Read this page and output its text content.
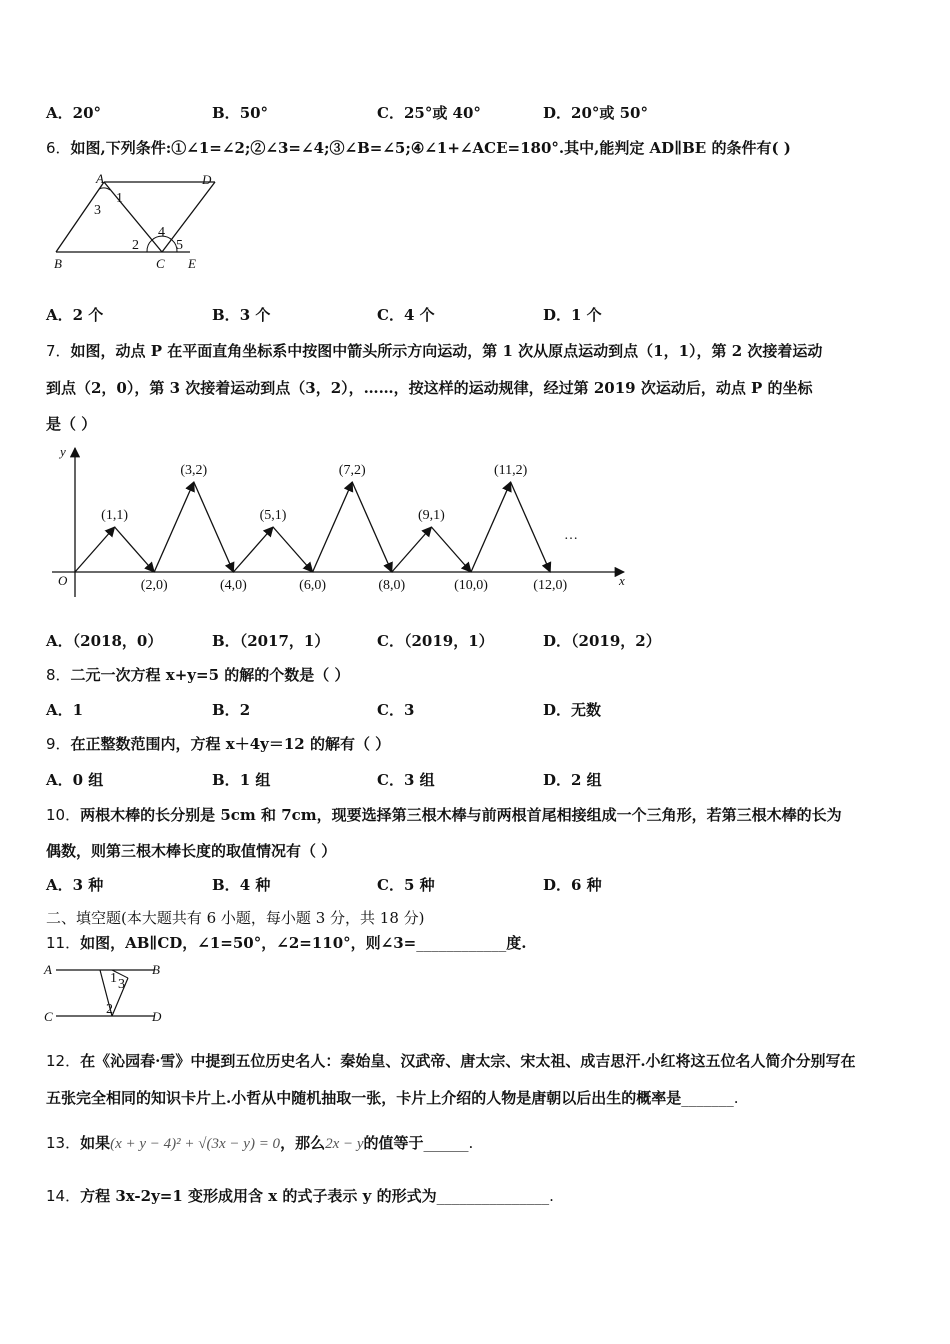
A．20°	B．50°	C．25°或 40°	D．20°或 50°
6．如图,下列条件:①∠1=∠2;②∠3=∠4;③∠B=∠5;④∠1+∠ACE=180°.其中,能判定 AD∥BE 的条件有( )
A	D
B	C E
1
3
2
4
5
A．2 个	B．3 个	C．4 个	D．1 个
7．如图，动点 P 在平面直角坐标系中按图中箭头所示方向运动，第 1 次从原点运动到点（1，1），第 2 次接着运动
到点（2，0），第 3 次接着运动到点（3，2），……，按这样的运动规律，经过第 2019 次运动后，动点 P 的坐标
是（ ）
x
y
O
…
(1,1)
(2,0)
(3,2)
(4,0)
(5,1)
(6,0)
(7,2)
(8,0)
(9,1)
(10,0)
(11,2)
(12,0)
A．（2018，0）	B．（2017，1）	C．（2019，1）	D．（2019，2）
8．二元一次方程 x+y=5 的解的个数是（ ）
A．1	B．2	C．3	D．无数
9．在正整数范围内，方程 x＋4y＝12 的解有（ ）
A．0 组	B．1 组	C．3 组	D．2 组
10．两根木棒的长分别是 5cm 和 7cm，现要选择第三根木棒与前两根首尾相接组成一个三角形，若第三根木棒的长为
偶数，则第三根木棒长度的取值情况有（ ）
A．3 种	B．4 种	C．5 种	D．6 种
二、填空题(本大题共有 6 小题，每小题 3 分，共 18 分)
11．如图，AB∥CD，∠1=50°，∠2=110°，则∠3=____________度.
A	B
C	D
1 3
2
12．在《沁园春·雪》中提到五位历史名人：秦始皇、汉武帝、唐太宗、宋太祖、成吉思汗.小红将这五位名人简介分别写在
五张完全相同的知识卡片上.小哲从中随机抽取一张，卡片上介绍的人物是唐朝以后出生的概率是_______.
13．如果(x + y − 4)² + √(3x − y) = 0，那么2x − y的值等于______.
14．方程 3x-2y=1 变形成用含 x 的式子表示 y 的形式为_______________.
